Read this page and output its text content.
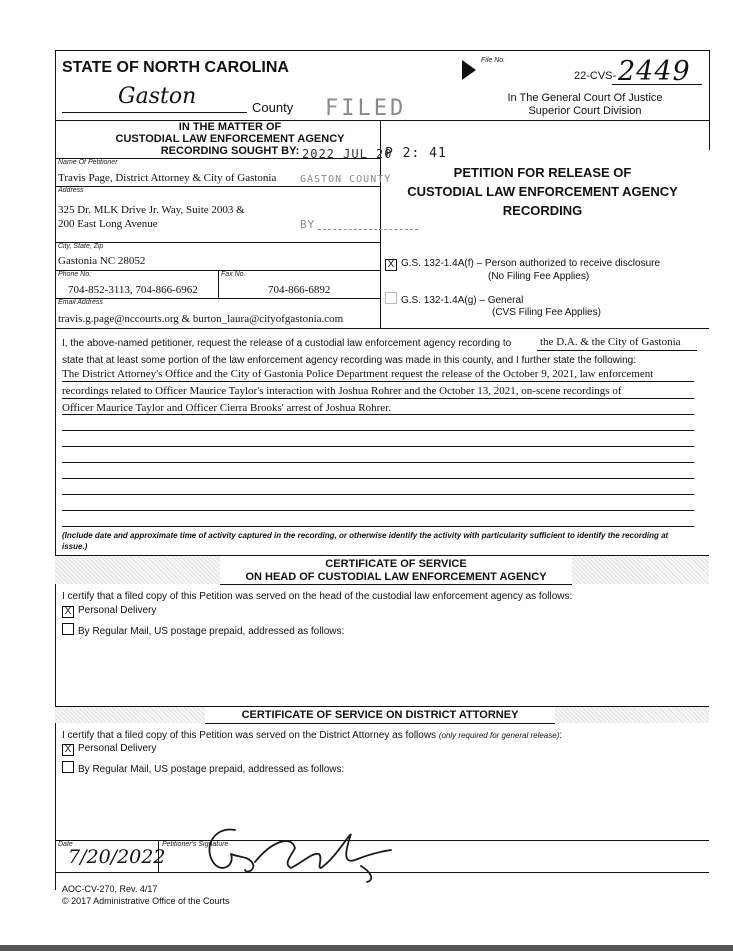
STATE OF NORTH CAROLINA	File No.
22-CVS- 2449
Gaston	County
In The General Court Of Justice
Superior Court Division
FILED
2022 JUL 20
P 2: 41
GASTON COUNTY
BY
IN THE MATTER OF
CUSTODIAL LAW ENFORCEMENT AGENCY
RECORDING SOUGHT BY:
Name Of Petitioner
Travis Page, District Attorney & City of Gastonia
Address
325 Dr. MLK Drive Jr. Way, Suite 2003 &
200 East Long Avenue
City, State, Zip
Gastonia NC 28052
Phone No.
704-852-3113, 704-866-6962
Fax No.
704-866-6892
Email Address
travis.g.page@nccourts.org & burton_laura@cityofgastonia.com
PETITION FOR RELEASE OF
CUSTODIAL LAW ENFORCEMENT AGENCY
RECORDING
X G.S. 132-1.4A(f) – Person authorized to receive disclosure
(No Filing Fee Applies)
G.S. 132-1.4A(g) – General
(CVS Filing Fee Applies)
I, the above-named petitioner, request the release of a custodial law enforcement agency recording to	the D.A. & the City of Gastonia
state that at least some portion of the law enforcement agency recording was made in this county, and I further state the following:
The District Attorney's Office and the City of Gastonia Police Department request the release of the October 9, 2021, law enforcement
recordings related to Officer Maurice Taylor's interaction with Joshua Rohrer and the October 13, 2021, on-scene recordings of
Officer Maurice Taylor and Officer Cierra Brooks' arrest of Joshua Rohrer.
(Include date and approximate time of activity captured in the recording, or otherwise identify the activity with particularity sufficient to identify the recording at issue.)
CERTIFICATE OF SERVICE
ON HEAD OF CUSTODIAL LAW ENFORCEMENT AGENCY
I certify that a filed copy of this Petition was served on the head of the custodial law enforcement agency as follows:
X Personal Delivery
By Regular Mail, US postage prepaid, addressed as follows:
CERTIFICATE OF SERVICE ON DISTRICT ATTORNEY
I certify that a filed copy of this Petition was served on the District Attorney as follows (only required for general release):
X Personal Delivery
By Regular Mail, US postage prepaid, addressed as follows:
Date
7/20/2022
Petitioner's Signature
AOC-CV-270, Rev. 4/17
© 2017 Administrative Office of the Courts
